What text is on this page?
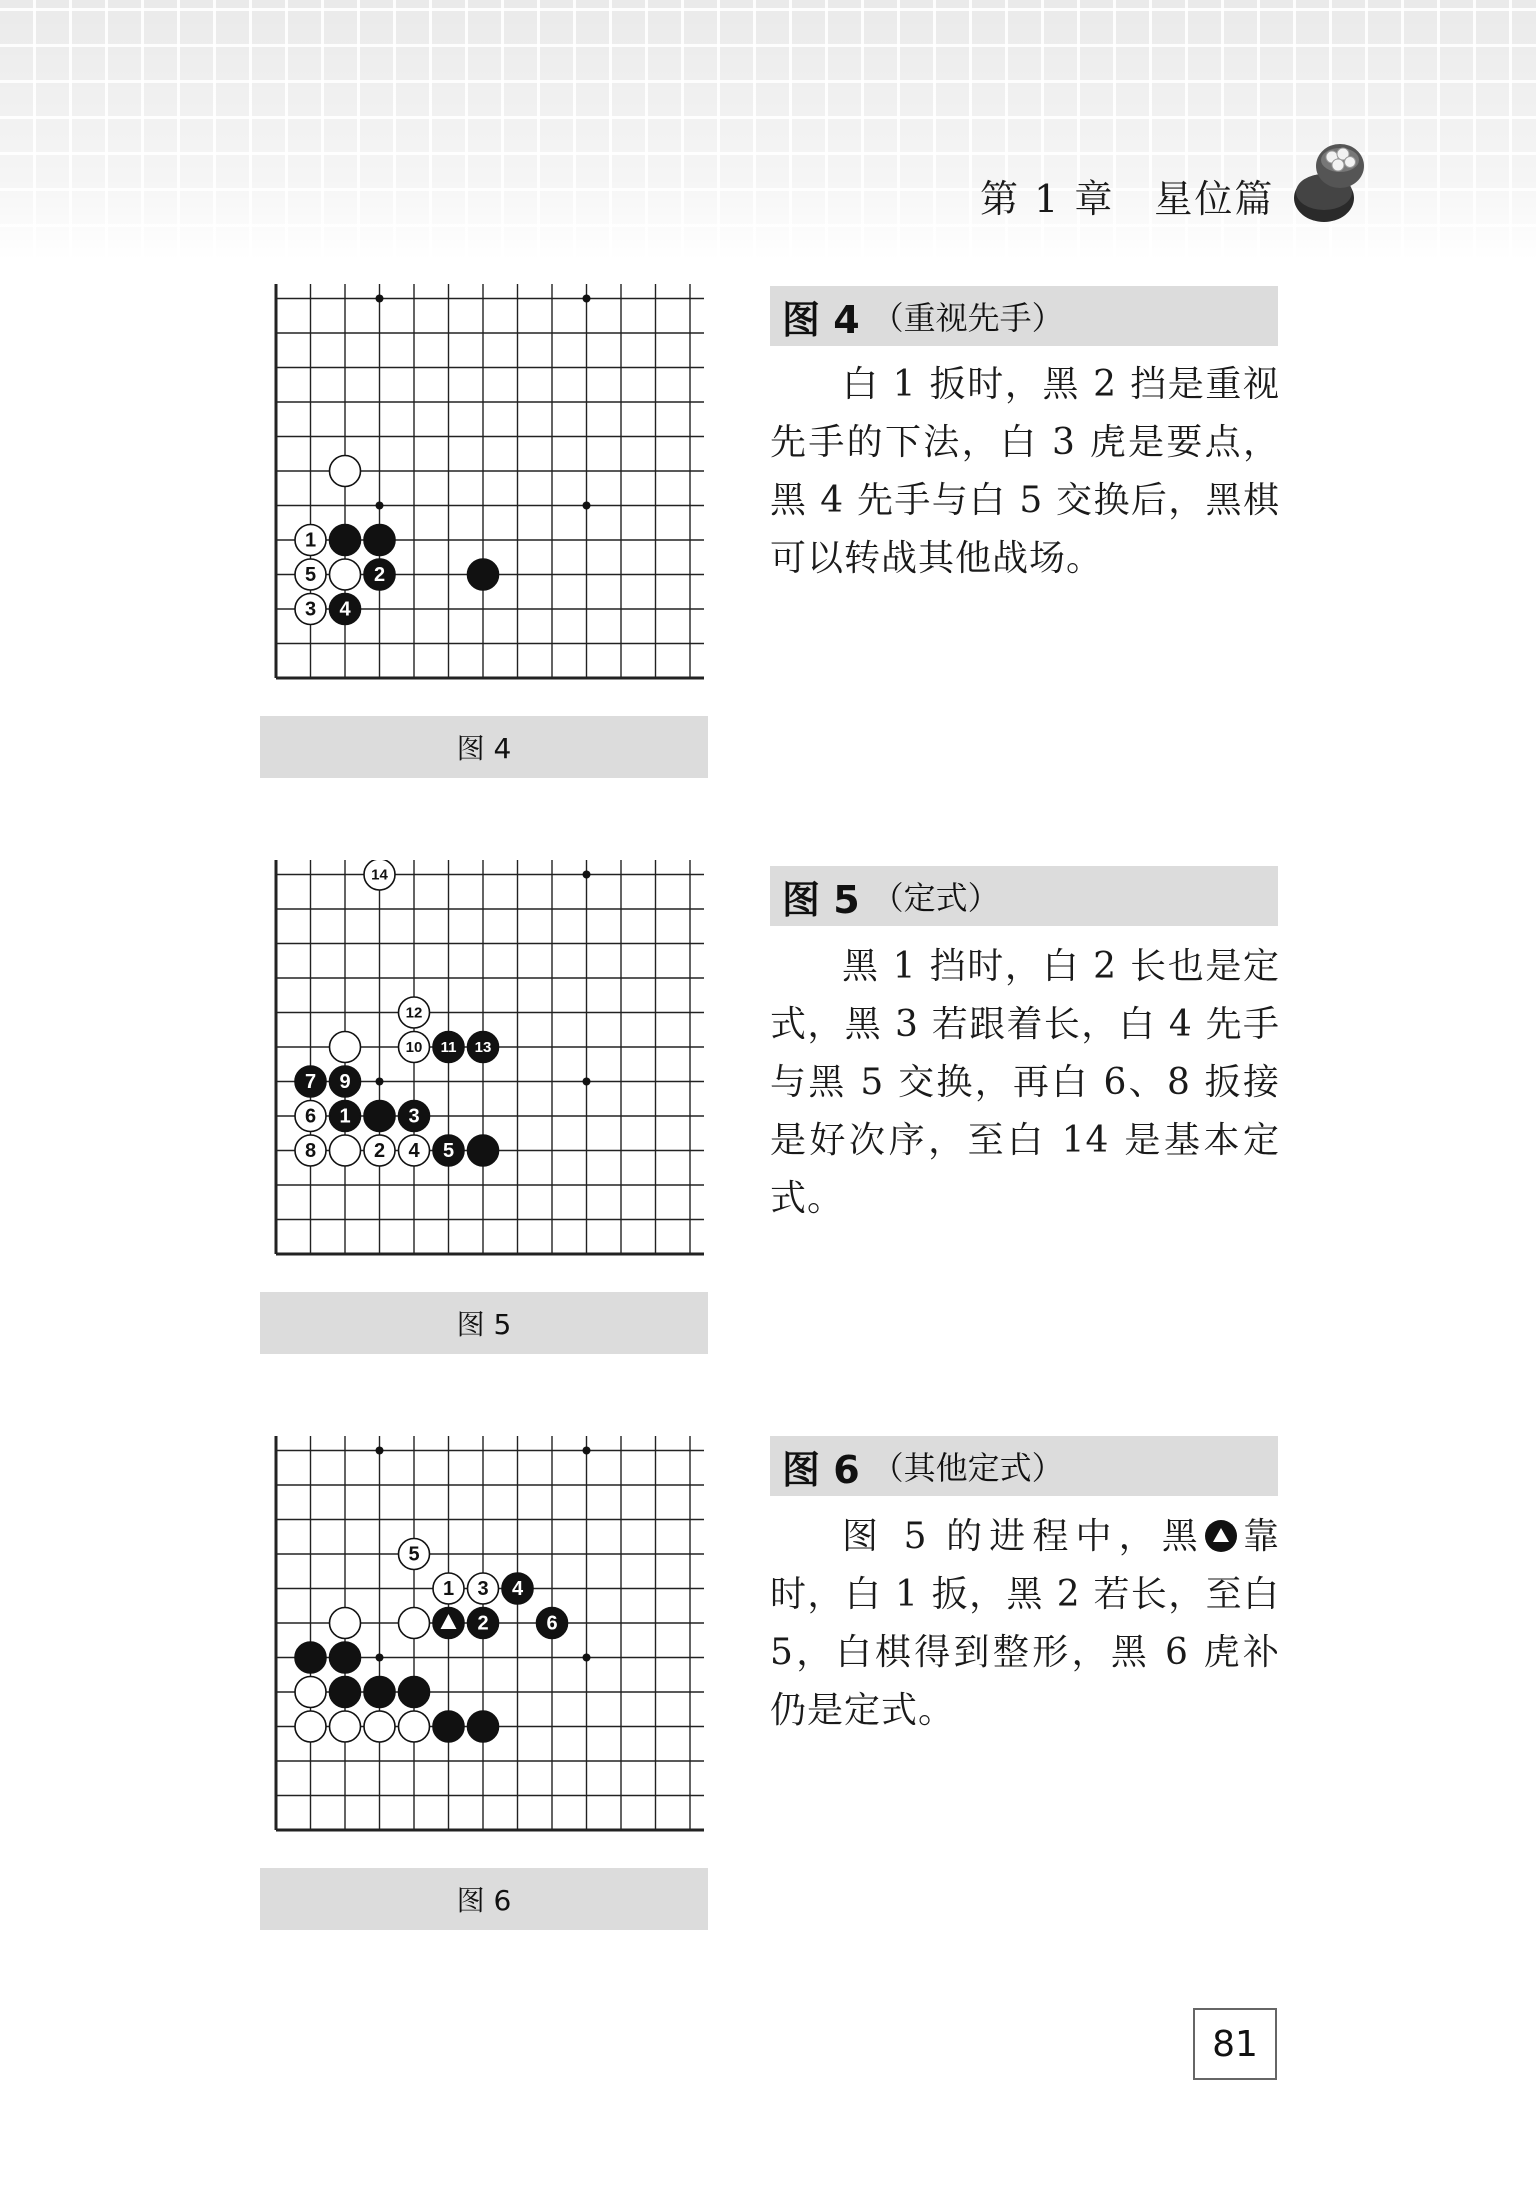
第 1 章　星位篇
1
5	2
3 4
图 4
图 4 （重视先手）
白 1 扳时，黑 2 挡是重视先手的下法，白 3 虎是要点，黑 4 先手与白 5 交换后，黑棋可以转战其他战场。
14
12
10 11 13
7 9
6 1	3
8	2 4 5
图 5
图 5 （定式）
黑 1 挡时，白 2 长也是定式，黑 3 若跟着长，白 4 先手与黑 5 交换，再白 6、8 扳接是好次序，至白 14 是基本定式。
5
1 3 4
2	6
图 6
图 6 （其他定式）
图 5 的进程中，黑 靠时，白 1 扳，黑 2 若长，至白 5，白棋得到整形，黑 6 虎补仍是定式。
81
